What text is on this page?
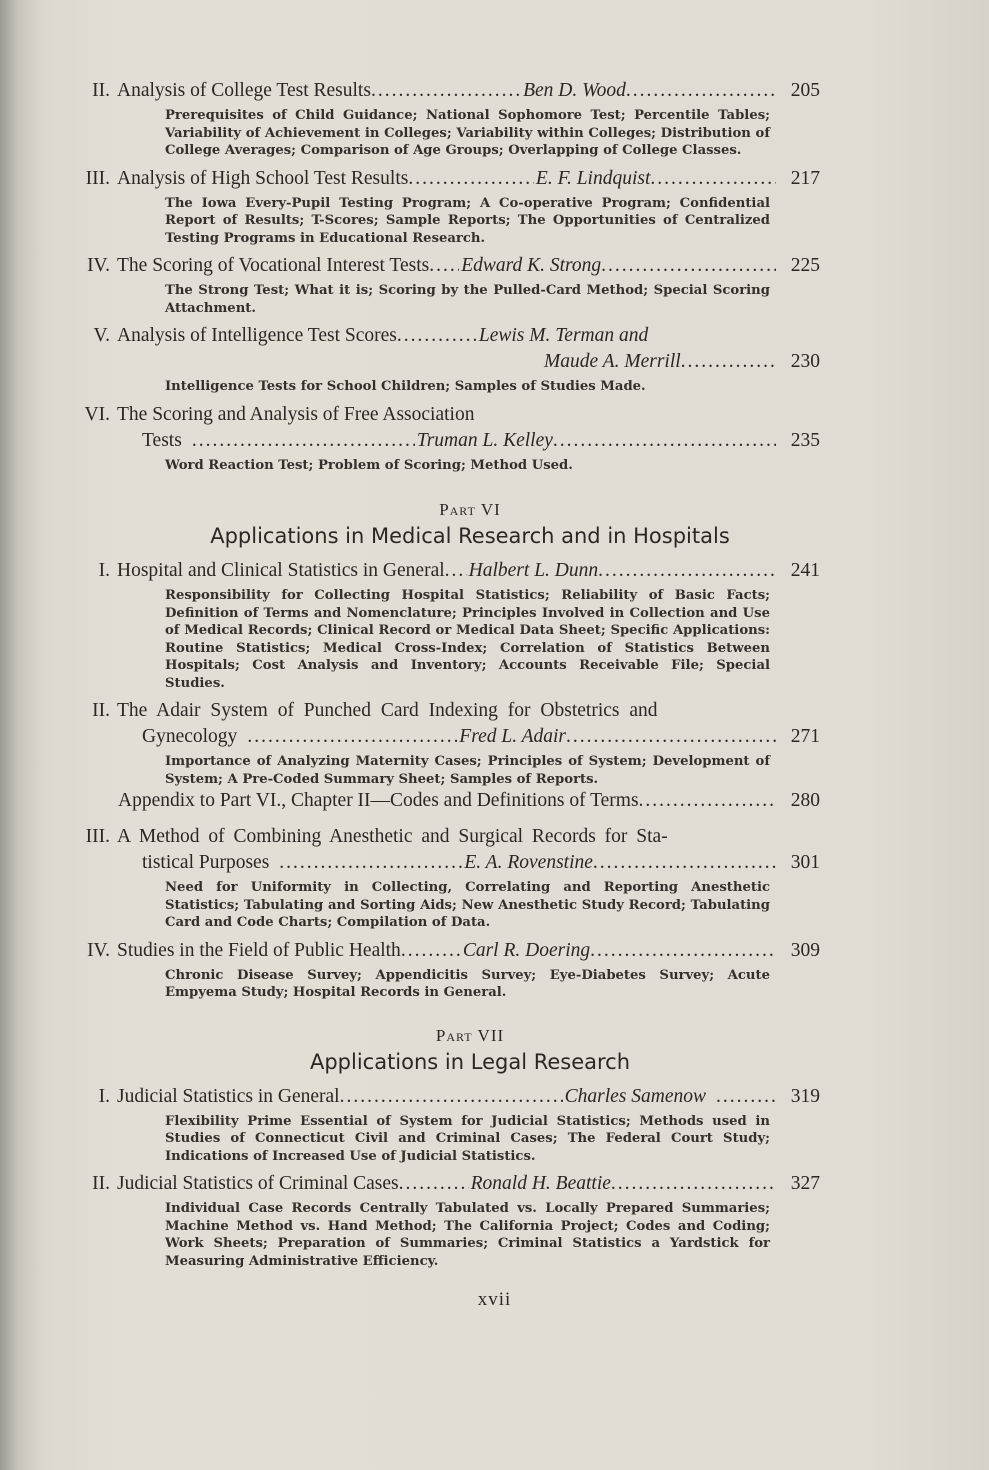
II. Analysis of College Test Results .....	Ben D. Wood .....	205
Prerequisites of Child Guidance; National Sophomore Test; Percentile Tables; Variability of Achievement in Colleges; Variability within Colleges; Distribution of College Averages; Comparison of Age Groups; Overlapping of College Classes.
III. Analysis of High School Test Results .....	E. F. Lindquist .....	217
The Iowa Every-Pupil Testing Program; A Co-operative Program; Confidential Report of Results; T-Scores; Sample Reports; The Opportunities of Centralized Testing Programs in Educational Research.
IV. The Scoring of Vocational Interest Tests ..... Edward K. Strong .....	225
The Strong Test; What it is; Scoring by the Pulled-Card Method; Special Scoring Attachment.
V. Analysis of Intelligence Test Scores .....	Lewis M. Terman and
Maude A. Merrill .....	230
Intelligence Tests for School Children; Samples of Studies Made.
VI. The Scoring and Analysis of Free Association
Tests .....	Truman L. Kelley .....	235
Word Reaction Test; Problem of Scoring; Method Used.
Part VI
Applications in Medical Research and in Hospitals
I. Hospital and Clinical Statistics in General ..... Halbert L. Dunn .....	241
Responsibility for Collecting Hospital Statistics; Reliability of Basic Facts; Definition of Terms and Nomenclature; Principles Involved in Collection and Use of Medical Records; Clinical Record or Medical Data Sheet; Specific Applications: Routine Statistics; Medical Cross-Index; Correlation of Statistics Between Hospitals; Cost Analysis and Inventory; Accounts Receivable File; Special Studies.
II. The Adair System of Punched Card Indexing for Obstetrics and
Gynecology .....	Fred L. Adair .....	271
Importance of Analyzing Maternity Cases; Principles of System; Development of System; A Pre-Coded Summary Sheet; Samples of Reports.
Appendix to Part VI., Chapter II—Codes and Definitions of Terms .....	280
III. A Method of Combining Anesthetic and Surgical Records for Sta-
tistical Purposes .....	E. A. Rovenstine .....	301
Need for Uniformity in Collecting, Correlating and Reporting Anesthetic Statistics; Tabulating and Sorting Aids; New Anesthetic Study Record; Tabulating Card and Code Charts; Compilation of Data.
IV. Studies in the Field of Public Health .....	Carl R. Doering .....	309
Chronic Disease Survey; Appendicitis Survey; Eye-Diabetes Survey; Acute Empyema Study; Hospital Records in General.
Part VII
Applications in Legal Research
I. Judicial Statistics in General .....	Charles Samenow .....	319
Flexibility Prime Essential of System for Judicial Statistics; Methods used in Studies of Connecticut Civil and Criminal Cases; The Federal Court Study; Indications of Increased Use of Judicial Statistics.
II. Judicial Statistics of Criminal Cases .....	Ronald H. Beattie .....	327
Individual Case Records Centrally Tabulated vs. Locally Prepared Summaries; Machine Method vs. Hand Method; The California Project; Codes and Coding; Work Sheets; Preparation of Summaries; Criminal Statistics a Yardstick for Measuring Administrative Efficiency.
xvii
